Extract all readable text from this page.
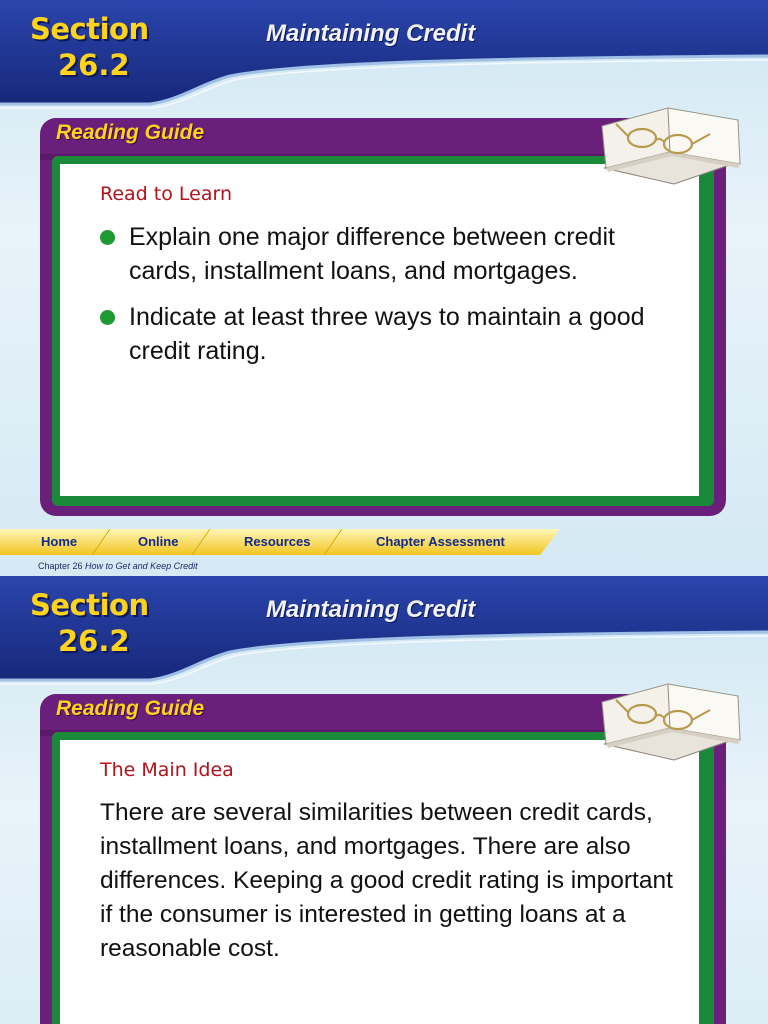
Section
26.2
Maintaining Credit
Reading Guide
Read to Learn
Explain one major difference between credit cards, installment loans, and mortgages.
Indicate at least three ways to maintain a good credit rating.
Home	Online	Resources	Chapter Assessment
Chapter 26 How to Get and Keep Credit
Section
26.2
Maintaining Credit
Reading Guide
The Main Idea

There are several similarities between credit cards, installment loans, and mortgages. There are also differences. Keeping a good credit rating is important if the consumer is interested in getting loans at a reasonable cost.
